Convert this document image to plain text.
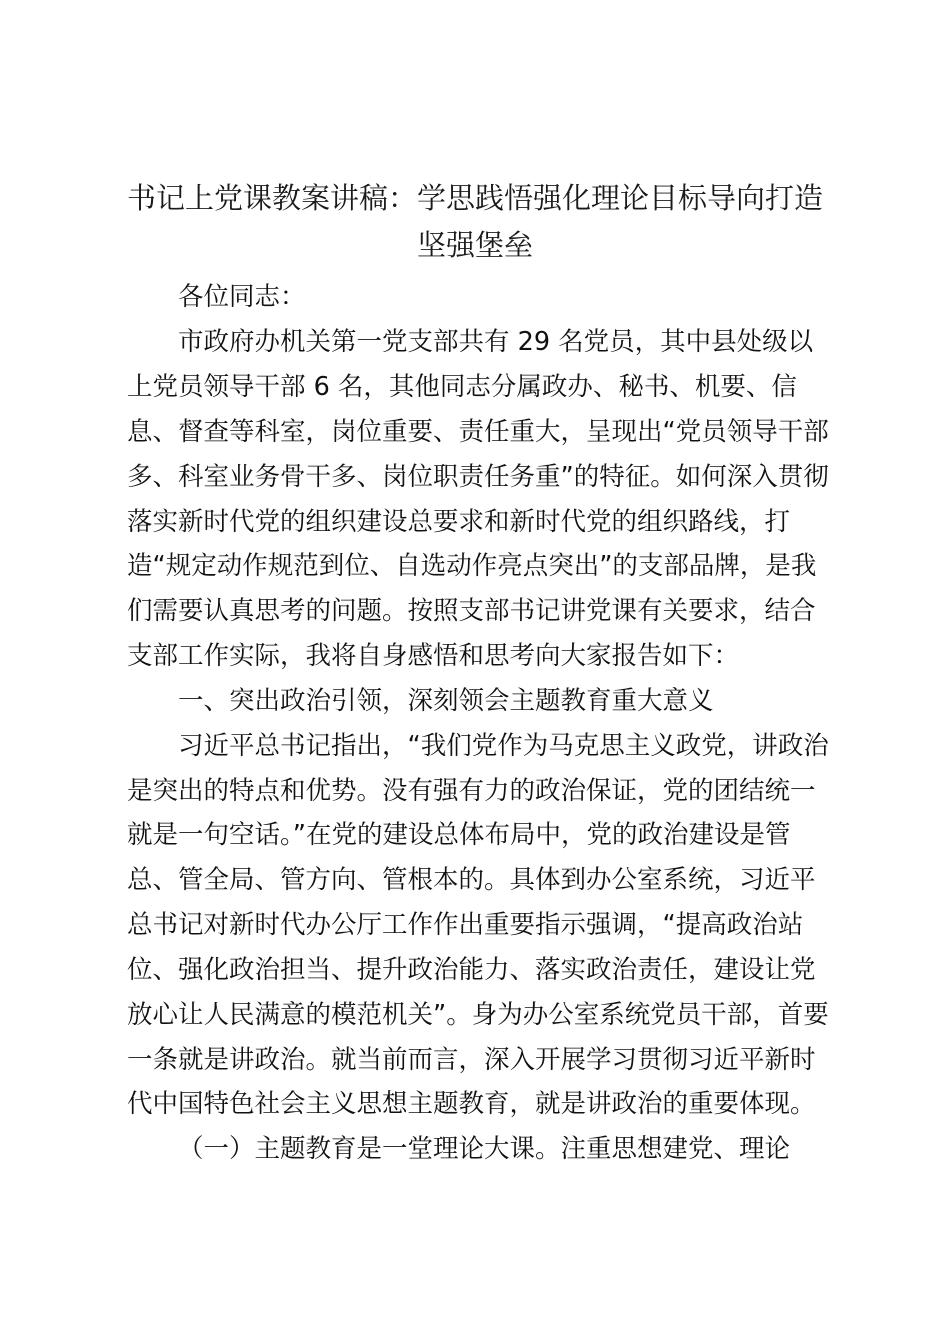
书记上党课教案讲稿：学思践悟强化理论目标导向打造
坚强堡垒

各位同志：

市政府办机关第一党支部共有 29 名党员，其中县处级以

上党员领导干部 6 名，其他同志分属政办、秘书、机要、信

息、督查等科室，岗位重要、责任重大，呈现出“党员领导干部

多、科室业务骨干多、岗位职责任务重”的特征。如何深入贯彻

落实新时代党的组织建设总要求和新时代党的组织路线，打

造“规定动作规范到位、自选动作亮点突出”的支部品牌，是我

们需要认真思考的问题。按照支部书记讲党课有关要求，结合

支部工作实际，我将自身感悟和思考向大家报告如下：

一、突出政治引领，深刻领会主题教育重大意义

习近平总书记指出，“我们党作为马克思主义政党，讲政治

是突出的特点和优势。没有强有力的政治保证，党的团结统一

就是一句空话。”在党的建设总体布局中，党的政治建设是管

总、管全局、管方向、管根本的。具体到办公室系统，习近平

总书记对新时代办公厅工作作出重要指示强调，“提高政治站

位、强化政治担当、提升政治能力、落实政治责任，建设让党

放心让人民满意的模范机关”。身为办公室系统党员干部，首要

一条就是讲政治。就当前而言，深入开展学习贯彻习近平新时

代中国特色社会主义思想主题教育，就是讲政治的重要体现。

（一）主题教育是一堂理论大课。注重思想建党、理论
